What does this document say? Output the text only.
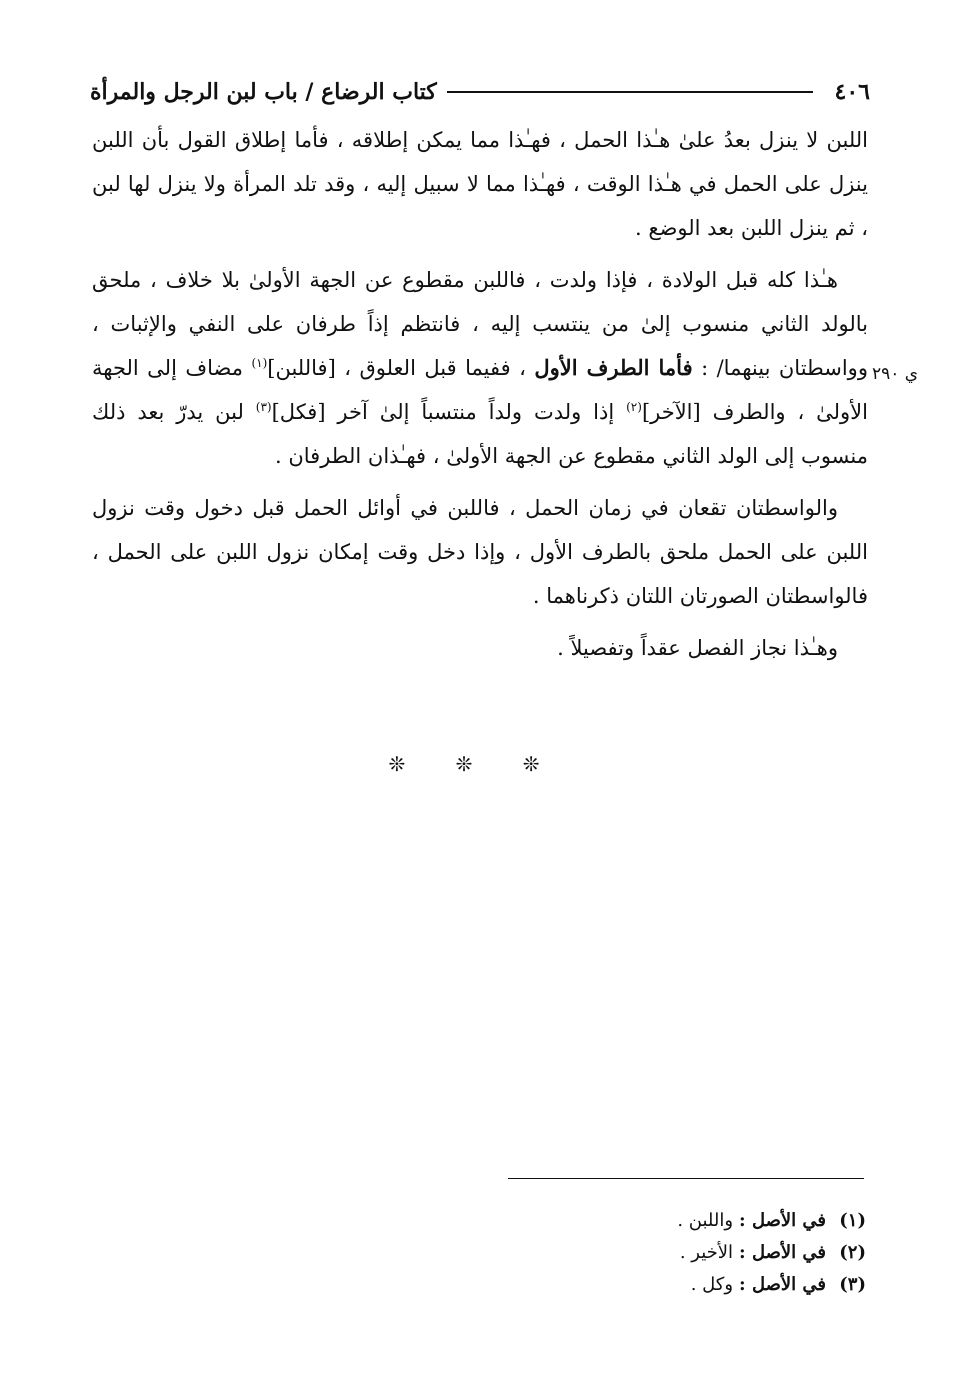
٤٠٦
كتاب الرضاع / باب لبن الرجل والمرأة
ي ٢٩٠

اللبن لا ينزل بعدُ علىٰ هـٰذا الحمل ، فهـٰذا مما يمكن إطلاقه ، فأما إطلاق القول بأن اللبن ينزل على الحمل في هـٰذا الوقت ، فهـٰذا مما لا سبيل إليه ، وقد تلد المرأة ولا ينزل لها لبن ، ثم ينزل اللبن بعد الوضع .

هـٰذا كله قبل الولادة ، فإذا ولدت ، فاللبن مقطوع عن الجهة الأولىٰ بلا خلاف ، ملحق بالولد الثاني منسوب إلىٰ من ينتسب إليه ، فانتظم إذاً طرفان على النفي والإثبات ، وواسطتان بينهما/ : فأما الطرف الأول ، ففيما قبل العلوق ، [فاللبن]$^{(١)}$ مضاف إلى الجهة الأولىٰ ، والطرف [الآخر]$^{(٢)}$ إذا ولدت ولداً منتسباً إلىٰ آخر [فكل]$^{(٣)}$ لبن يدرّ بعد ذلك منسوب إلى الولد الثاني مقطوع عن الجهة الأولىٰ ، فهـٰذان الطرفان .

والواسطتان تقعان في زمان الحمل ، فاللبن في أوائل الحمل قبل دخول وقت نزول اللبن على الحمل ملحق بالطرف الأول ، وإذا دخل وقت إمكان نزول اللبن على الحمل ، فالواسطتان الصورتان اللتان ذكرناهما .

وهـٰذا نجاز الفصل عقداً وتفصيلاً .

❊ ❊ ❊
(١)
في الأصل :
واللبن .
(٢)
في الأصل :
الأخير .
(٣)
في الأصل :
وكل .
